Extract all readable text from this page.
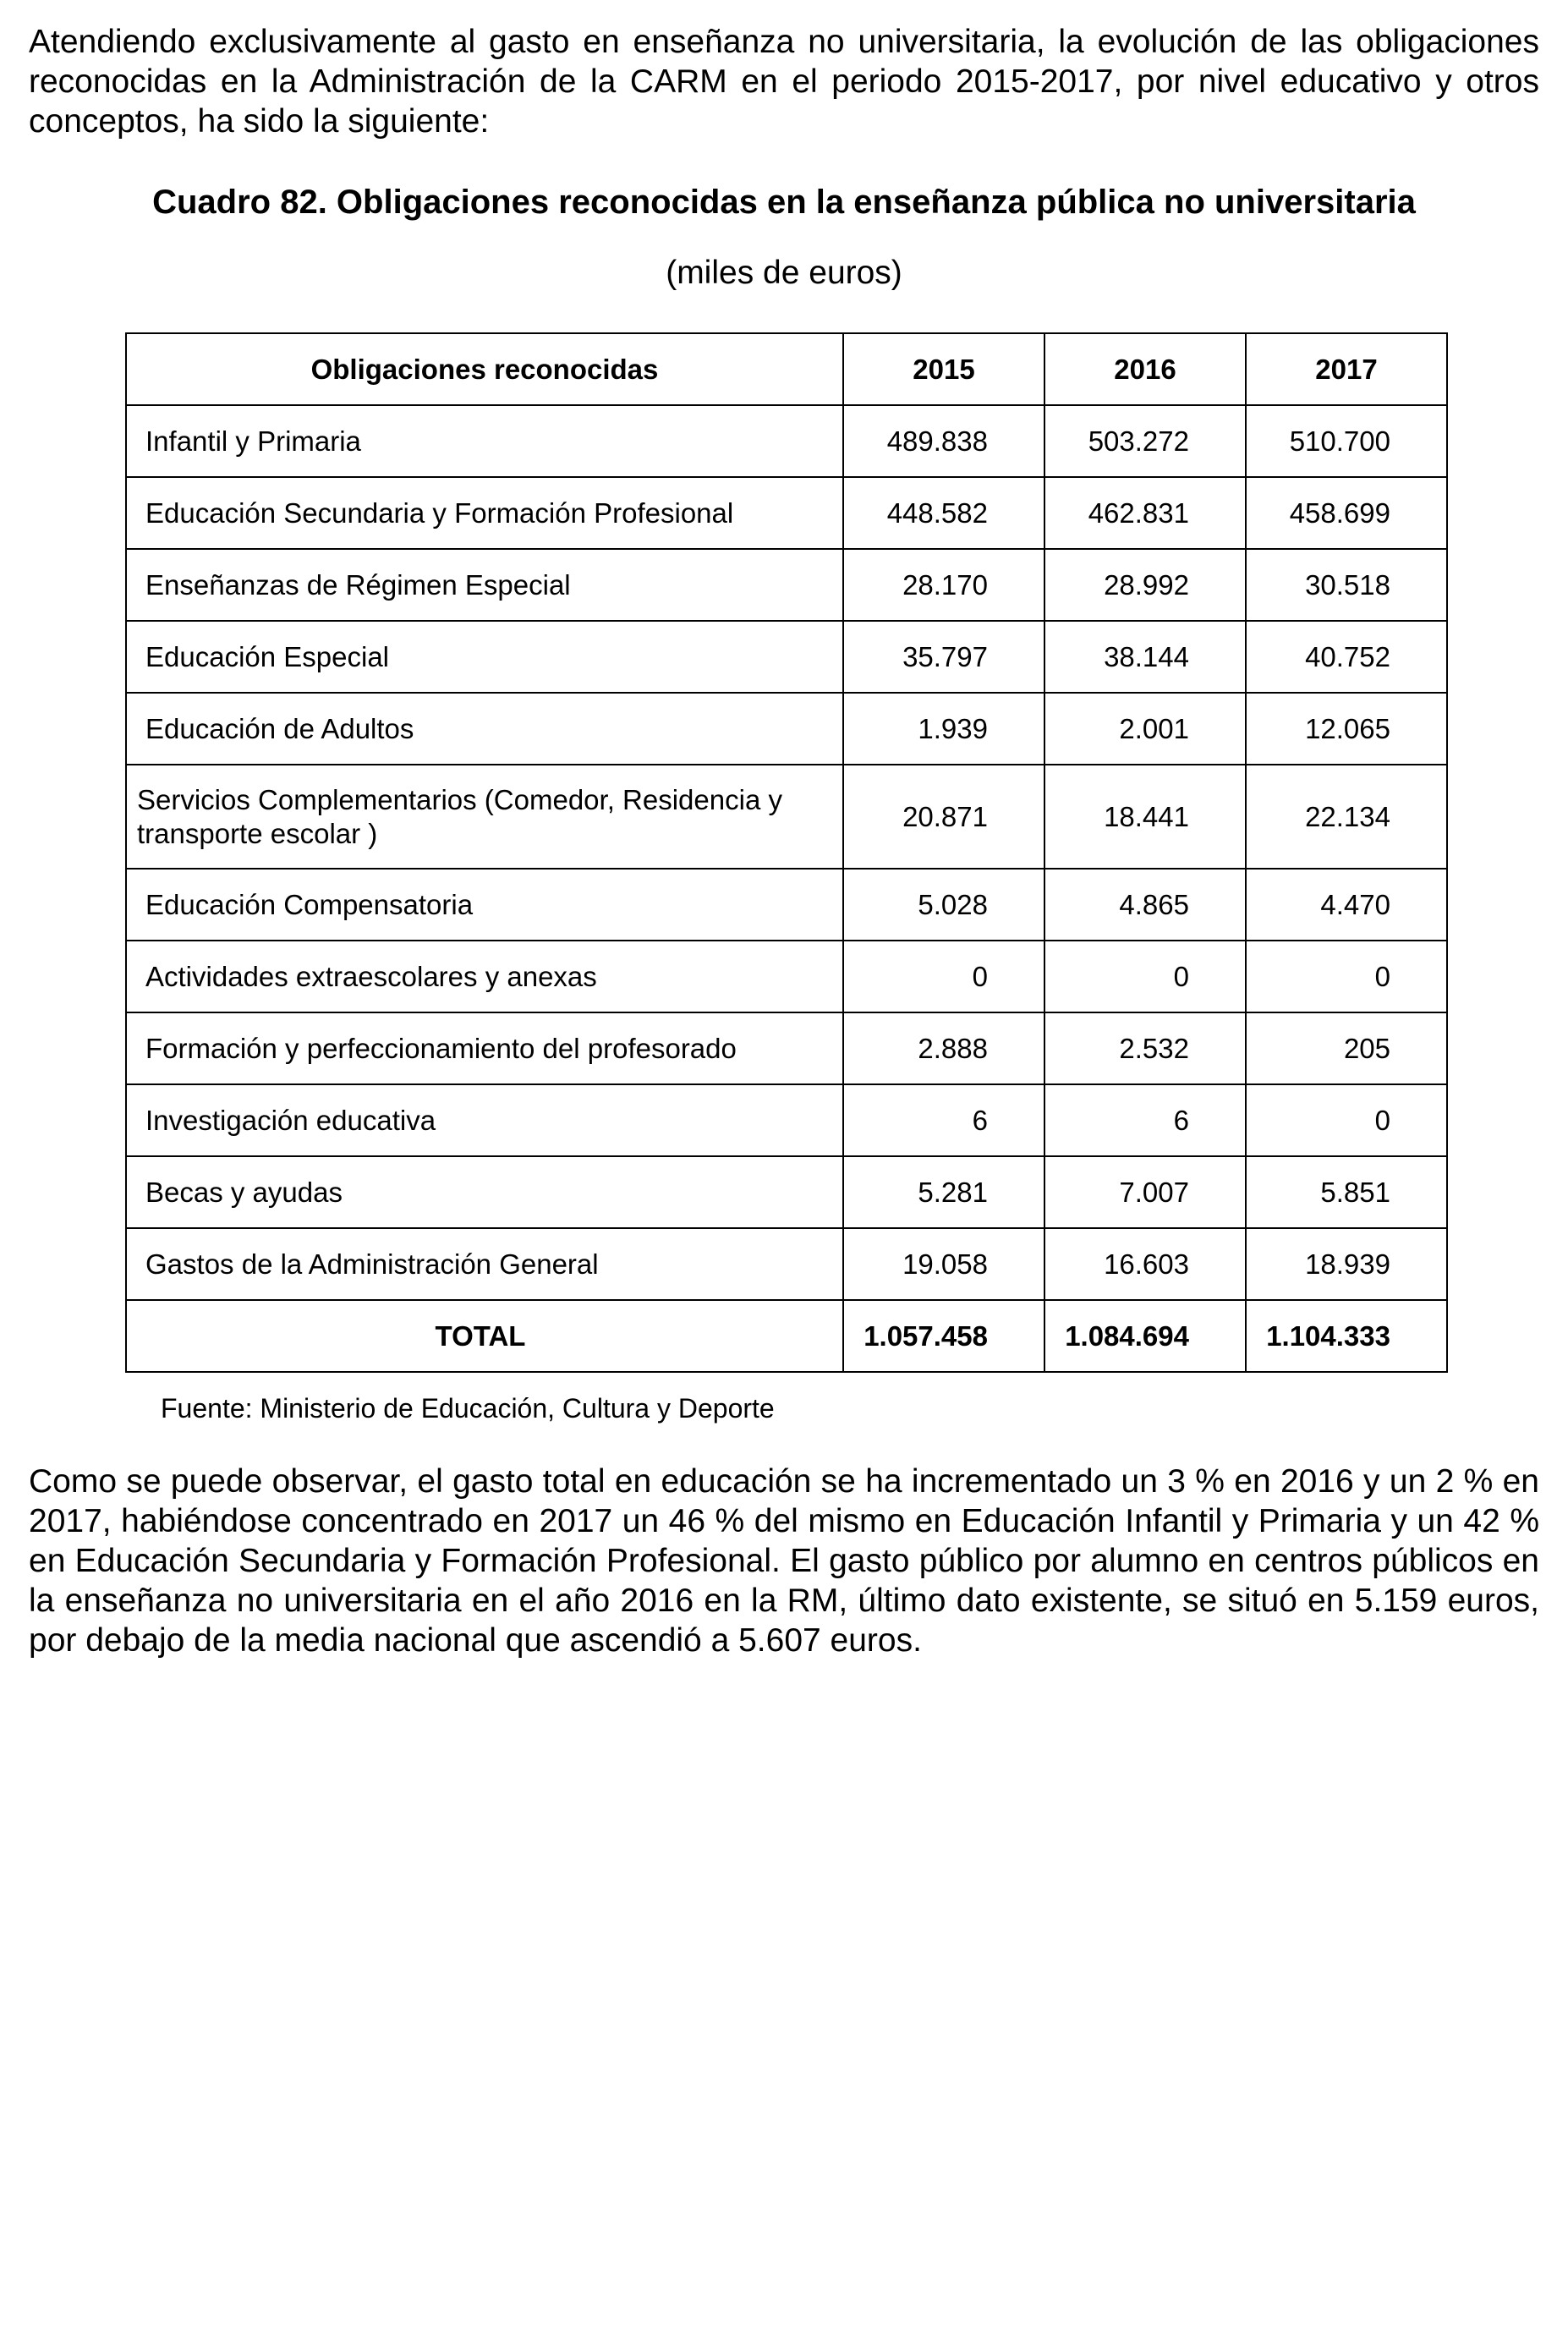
Atendiendo exclusivamente al gasto en enseñanza no universitaria, la evolución de las obligaciones reconocidas en la Administración de la CARM en el periodo 2015-2017, por nivel educativo y otros conceptos, ha sido la siguiente:

Cuadro 82. Obligaciones reconocidas en la enseñanza pública no universitaria

(miles de euros)

Obligaciones reconocidas	2015	2016	2017
Infantil y Primaria	489.838	503.272	510.700
Educación Secundaria y Formación Profesional	448.582	462.831	458.699
Enseñanzas de Régimen Especial	28.170	28.992	30.518
Educación Especial	35.797	38.144	40.752
Educación de Adultos	1.939	2.001	12.065
Servicios Complementarios (Comedor, Residencia y transporte escolar )	20.871	18.441	22.134
Educación Compensatoria	5.028	4.865	4.470
Actividades extraescolares y anexas	0	0	0
Formación y perfeccionamiento del profesorado	2.888	2.532	205
Investigación educativa	6	6	0
Becas y ayudas	5.281	7.007	5.851
Gastos de la Administración General	19.058	16.603	18.939
TOTAL	1.057.458	1.084.694	1.104.333

Fuente: Ministerio de Educación, Cultura y Deporte

Como se puede observar, el gasto total en educación se ha incrementado un 3 % en 2016 y un 2 % en 2017, habiéndose concentrado en 2017 un 46 % del mismo en Educación Infantil y Primaria y un 42 % en Educación Secundaria y Formación Profesional. El gasto público por alumno en centros públicos en la enseñanza no universitaria en el año 2016 en la RM, último dato existente, se situó en 5.159 euros, por debajo de la media nacional que ascendió a 5.607 euros.
